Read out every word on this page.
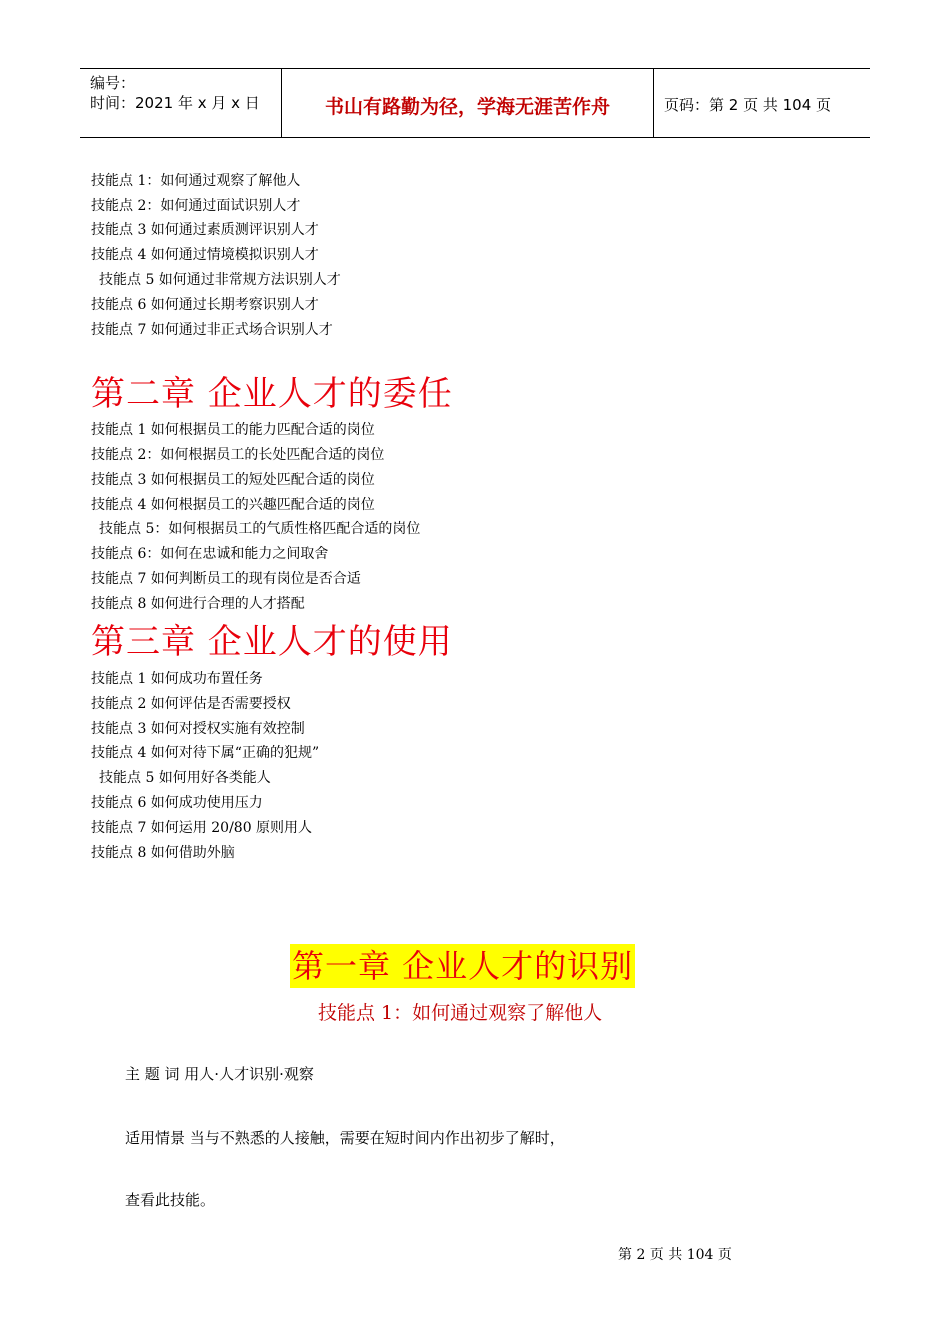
编号：
时间：2021 年 x 月 x 日	书山有路勤为径，学海无涯苦作舟	页码：第 2 页 共 104 页
技能点 1：如何通过观察了解他人
技能点 2：如何通过面试识别人才
技能点 3 如何通过素质测评识别人才
技能点 4 如何通过情境模拟识别人才
技能点 5 如何通过非常规方法识别人才
技能点 6 如何通过长期考察识别人才
技能点 7 如何通过非正式场合识别人才
第二章 企业人才的委任
技能点 1 如何根据员工的能力匹配合适的岗位
技能点 2：如何根据员工的长处匹配合适的岗位
技能点 3 如何根据员工的短处匹配合适的岗位
技能点 4 如何根据员工的兴趣匹配合适的岗位
技能点 5：如何根据员工的气质性格匹配合适的岗位
技能点 6：如何在忠诚和能力之间取舍
技能点 7 如何判断员工的现有岗位是否合适
技能点 8 如何进行合理的人才搭配
第三章 企业人才的使用
技能点 1 如何成功布置任务
技能点 2 如何评估是否需要授权
技能点 3 如何对授权实施有效控制
技能点 4 如何对待下属“正确的犯规”
技能点 5 如何用好各类能人
技能点 6 如何成功使用压力
技能点 7 如何运用 20/80 原则用人
技能点 8 如何借助外脑
第一章 企业人才的识别
技能点 1：如何通过观察了解他人
主 题 词 用人·人才识别·观察
适用情景 当与不熟悉的人接触，需要在短时间内作出初步了解时，
查看此技能。
第 2 页 共 104 页
